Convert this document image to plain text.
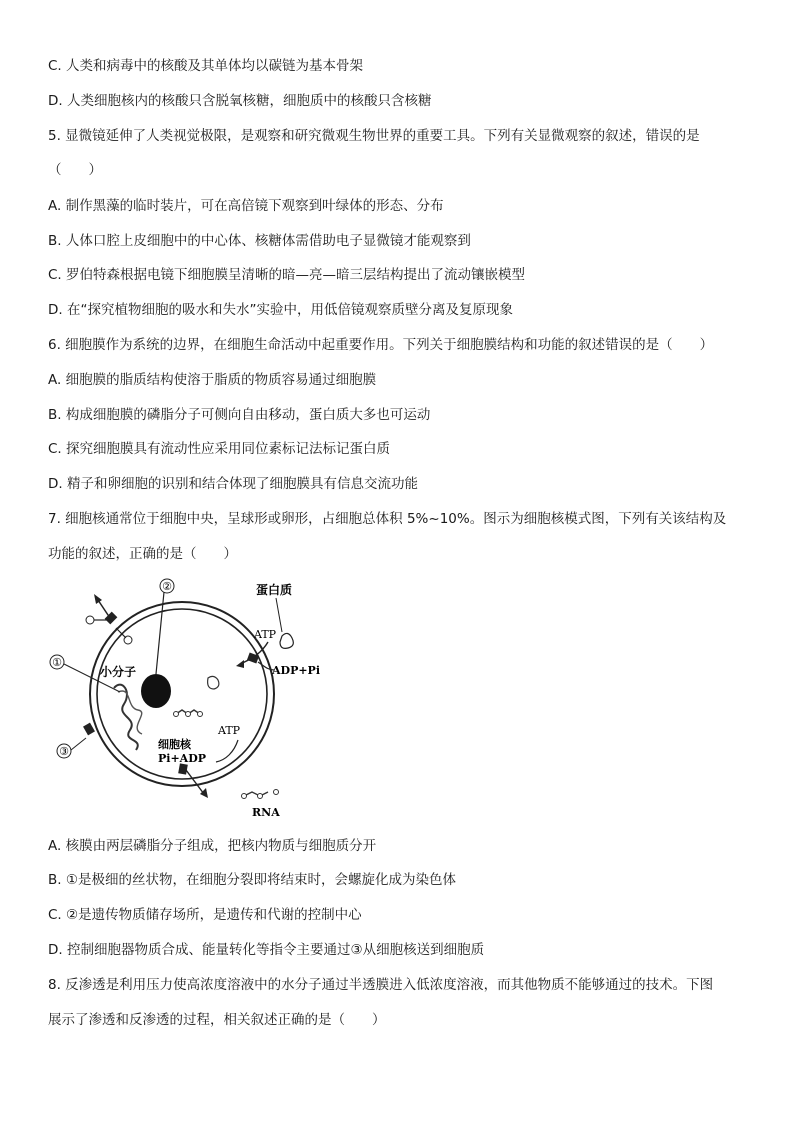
C. 人类和病毒中的核酸及其单体均以碳链为基本骨架
D. 人类细胞核内的核酸只含脱氧核糖，细胞质中的核酸只含核糖
5. 显微镜延伸了人类视觉极限，是观察和研究微观生物世界的重要工具。下列有关显微观察的叙述，错误的是
（　　）
A. 制作黑藻的临时装片，可在高倍镜下观察到叶绿体的形态、分布
B. 人体口腔上皮细胞中的中心体、核糖体需借助电子显微镜才能观察到
C. 罗伯特森根据电镜下细胞膜呈清晰的暗—亮—暗三层结构提出了流动镶嵌模型
D. 在“探究植物细胞的吸水和失水”实验中，用低倍镜观察质壁分离及复原现象
6. 细胞膜作为系统的边界，在细胞生命活动中起重要作用。下列关于细胞膜结构和功能的叙述错误的是（　　）
A. 细胞膜的脂质结构使溶于脂质的物质容易通过细胞膜
B. 构成细胞膜的磷脂分子可侧向自由移动，蛋白质大多也可运动
C. 探究细胞膜具有流动性应采用同位素标记法标记蛋白质
D. 精子和卵细胞的识别和结合体现了细胞膜具有信息交流功能
7. 细胞核通常位于细胞中央，呈球形或卵形，占细胞总体积 5%~10%。图示为细胞核模式图，下列有关该结构及
功能的叙述，正确的是（　　）
②
①
小分子
③
蛋白质
ATP
ADP+Pi
ATP
细胞核
Pi+ADP
RNA
A. 核膜由两层磷脂分子组成，把核内物质与细胞质分开
B. ①是极细的丝状物，在细胞分裂即将结束时，会螺旋化成为染色体
C. ②是遗传物质储存场所，是遗传和代谢的控制中心
D. 控制细胞器物质合成、能量转化等指令主要通过③从细胞核送到细胞质
8. 反渗透是利用压力使高浓度溶液中的水分子通过半透膜进入低浓度溶液，而其他物质不能够通过的技术。下图
展示了渗透和反渗透的过程，相关叙述正确的是（　　）
